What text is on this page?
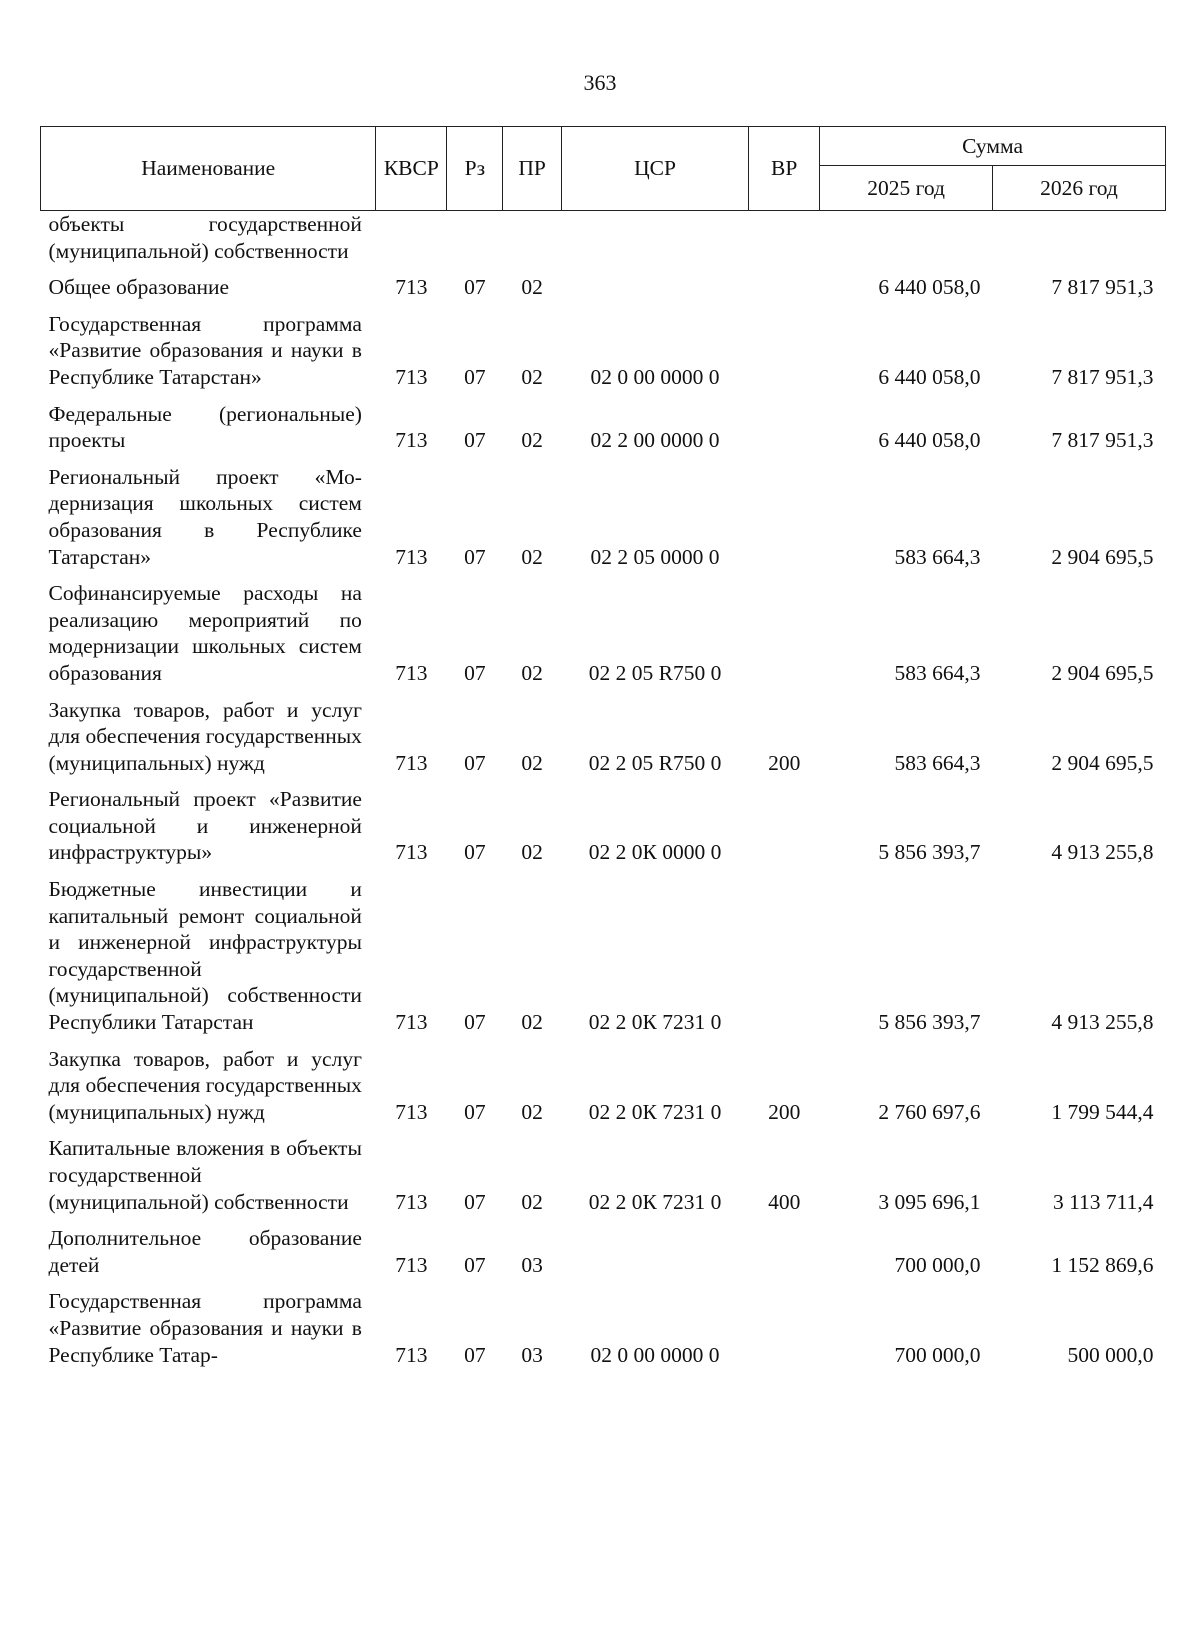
363
Наименование	КВСР	Рз	ПР	ЦСР	ВР	Сумма	
						2025 год	2026 год
объекты государственной (муниципальной) собственности							
Общее образование	713	07	02			6 440 058,0	7 817 951,3
Государственная программа «Развитие образования и науки в Республике Татарстан»	713	07	02	02 0 00 0000 0		6 440 058,0	7 817 951,3
Федеральные (региональные) проекты	713	07	02	02 2 00 0000 0		6 440 058,0	7 817 951,3
Региональный проект «Модернизация школьных систем образования в Республике Татарстан»	713	07	02	02 2 05 0000 0		583 664,3	2 904 695,5
Софинансируемые расходы на реализацию мероприятий по модернизации школьных систем образования	713	07	02	02 2 05 R750 0		583 664,3	2 904 695,5
Закупка товаров, работ и услуг для обеспечения государственных (муниципальных) нужд	713	07	02	02 2 05 R750 0	200	583 664,3	2 904 695,5
Региональный проект «Развитие социальной и инженерной инфраструктуры»	713	07	02	02 2 0К 0000 0		5 856 393,7	4 913 255,8
Бюджетные инвестиции и капитальный ремонт социальной и инженерной инфраструктуры государственной (муниципальной) собственности Республики Татарстан	713	07	02	02 2 0К 7231 0		5 856 393,7	4 913 255,8
Закупка товаров, работ и услуг для обеспечения государственных (муниципальных) нужд	713	07	02	02 2 0К 7231 0	200	2 760 697,6	1 799 544,4
Капитальные вложения в объекты государственной (муниципальной) собственности	713	07	02	02 2 0К 7231 0	400	3 095 696,1	3 113 711,4
Дополнительное образование детей	713	07	03			700 000,0	1 152 869,6
Государственная программа «Развитие образования и науки в Республике Татар-	713	07	03	02 0 00 0000 0		700 000,0	500 000,0
